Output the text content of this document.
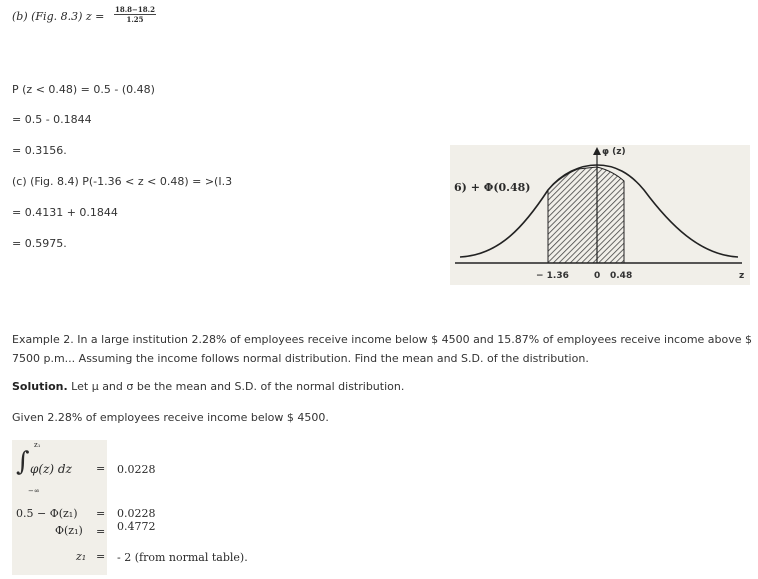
(b) (Fig. 8.3) $z = \frac{18.8-18.2}{1.25}$
P (z < 0.48) = 0.5 - (0.48)
= 0.5 - 0.1844
= 0.3156.
(c) (Fig. 8.4) P(-1.36 < z < 0.48) = >(I.3
= 0.4131 + 0.1844
= 0.5975.
6) + Φ(0.48)
φ (z)
z
− 1.36	0 0.48
Example 2. In a large institution 2.28% of employees receive income below $ 4500 and 15.87% of employees receive income above $
7500 p.m... Assuming the income follows normal distribution. Find the mean and S.D. of the distribution.
Solution. Let μ and σ be the mean and S.D. of the normal distribution.
Given 2.28% of employees receive income below $ 4500.
z₁
∫
−∞
φ(z) dz = 0.0228
0.5 − Φ(z₁) = 0.0228
Φ(z₁) = 0.4772
z₁ = - 2 (from normal table).
